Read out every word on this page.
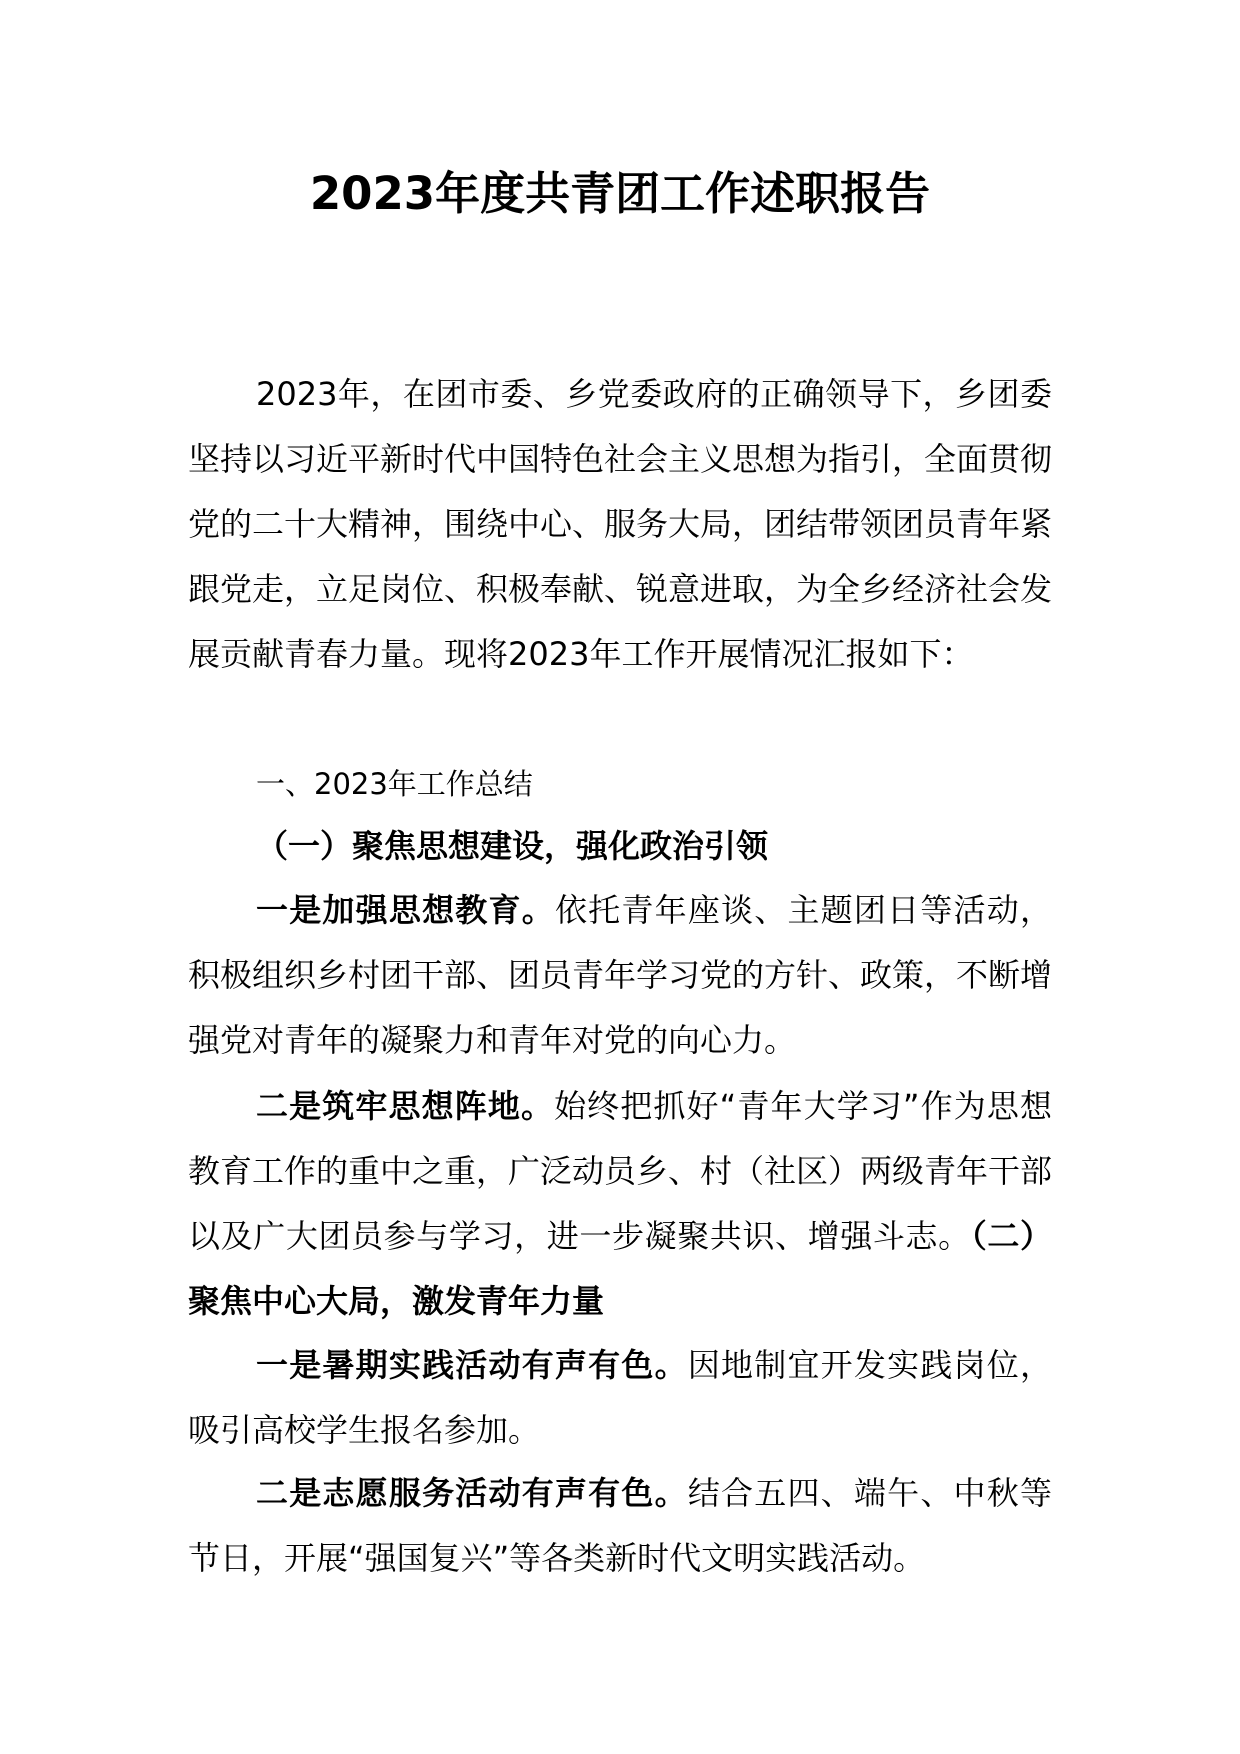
2023年度共青团工作述职报告

2023年，在团市委、乡党委政府的正确领导下，乡团委坚持以习近平新时代中国特色社会主义思想为指引，全面贯彻党的二十大精神，围绕中心、服务大局，团结带领团员青年紧跟党走，立足岗位、积极奉献、锐意进取，为全乡经济社会发展贡献青春力量。现将2023年工作开展情况汇报如下：

一、2023年工作总结

（一）聚焦思想建设，强化政治引领

一是加强思想教育。依托青年座谈、主题团日等活动，积极组织乡村团干部、团员青年学习党的方针、政策，不断增强党对青年的凝聚力和青年对党的向心力。

二是筑牢思想阵地。始终把抓好“青年大学习”作为思想教育工作的重中之重，广泛动员乡、村（社区）两级青年干部以及广大团员参与学习，进一步凝聚共识、增强斗志。（二）聚焦中心大局，激发青年力量

一是暑期实践活动有声有色。因地制宜开发实践岗位，吸引高校学生报名参加。

二是志愿服务活动有声有色。结合五四、端午、中秋等节日，开展“强国复兴”等各类新时代文明实践活动。
